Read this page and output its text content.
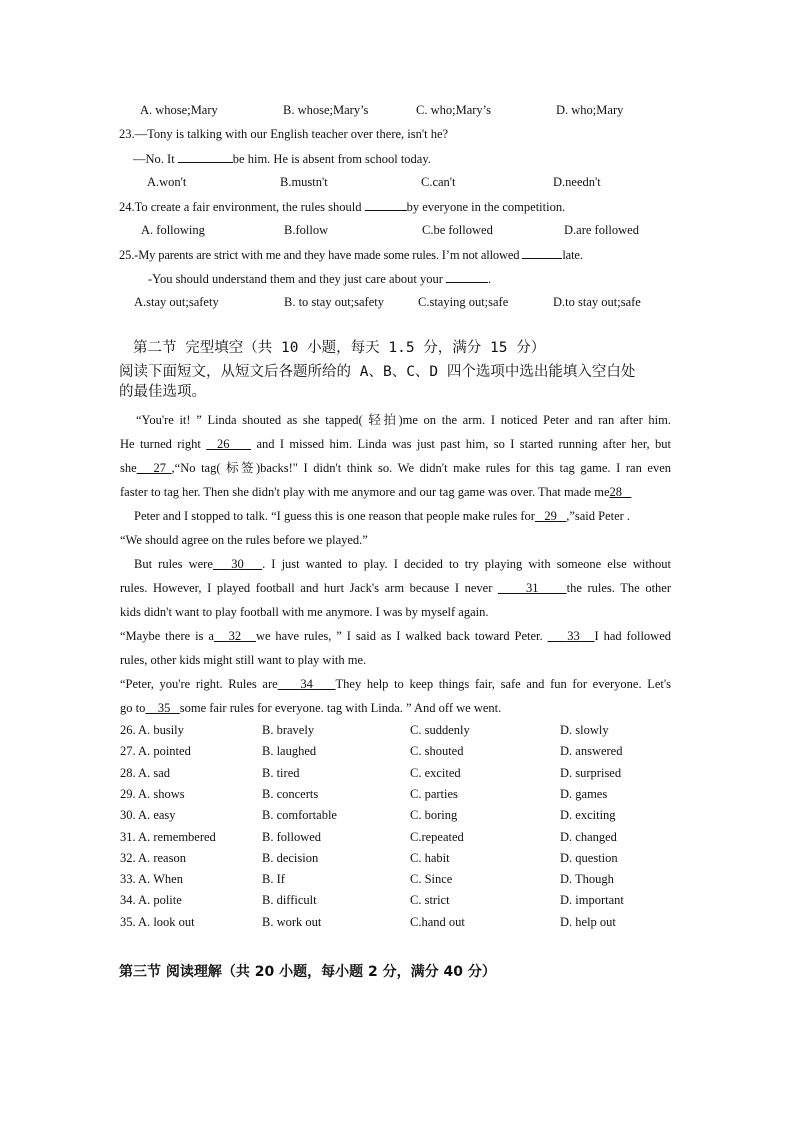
A. whose;Mary	B. whose;Mary’s	C. who;Mary’s	D. who;Mary
23.—Tony is talking with our English teacher over there, isn't he?
—No. It	be him. He is absent from school today.
A.won't	B.mustn't	C.can't	D.needn't
24.To create a fair environment, the rules should	by everyone in the competition.
A. following	B.follow	C.be followed	D.are followed
25.-My parents are strict with me and they have made some rules. I’m not allowed	late.
-You should understand them and they just care about your	.
A.stay out;safety	B. to stay out;safety	C.staying out;safe	D.to stay out;safe
第二节 完型填空（共 10 小题，每天 1.5 分，满分 15 分）
阅读下面短文，从短文后各题所给的 A、B、C、D 四个选项中选出能填入空白处
的最佳选项。
“You're it! ” Linda shouted as she tapped( 轻拍)me on the arm. I noticed Peter and ran after him.
He turned right   26     and I missed him. Linda was just past him, so I started running after her, but
she 27 ,“No tag( 标签)backs!" I didn't think so. We didn't make rules for this tag game. I ran even
faster to tag her. Then she didn't play with me anymore and our tag game was over. That made me28
Peter and I stopped to talk. “I guess this is one reason that people make rules for 29 ,”said Peter .
“We should agree on the rules before we played.”
But rules were 30 . I just wanted to play. I decided to try playing with someone else without
rules. However, I played football and hurt Jack's arm because I never      31 the rules. The other
kids didn't want to play football with me anymore. I was by myself again.
“Maybe there is a 32 we have rules, ” I said as I walked back toward Peter.     33 I had followed
rules, other kids might still want to play with me.
“Peter, you're right. Rules are 34 They help to keep things fair, safe and fun for everyone. Let's
go to 35 some fair rules for everyone. tag with Linda. ” And off we went.
26. A. busily	B. bravely	C. suddenly	D. slowly
27. A. pointed	B. laughed	C. shouted	D. answered
28. A. sad	B. tired	C. excited	D. surprised
29. A. shows	B. concerts	C. parties	D. games
30. A. easy	B. comfortable	C. boring	D. exciting
31. A. remembered	B. followed	C.repeated	D. changed
32. A. reason	B. decision	C. habit	D. question
33. A. When	B. If	C. Since	D. Though
34. A. polite	B. difficult	C. strict	D. important
35. A. look out	B. work out	C.hand out	D. help out
第三节 阅读理解（共 20 小题，每小题 2 分，满分 40 分）
